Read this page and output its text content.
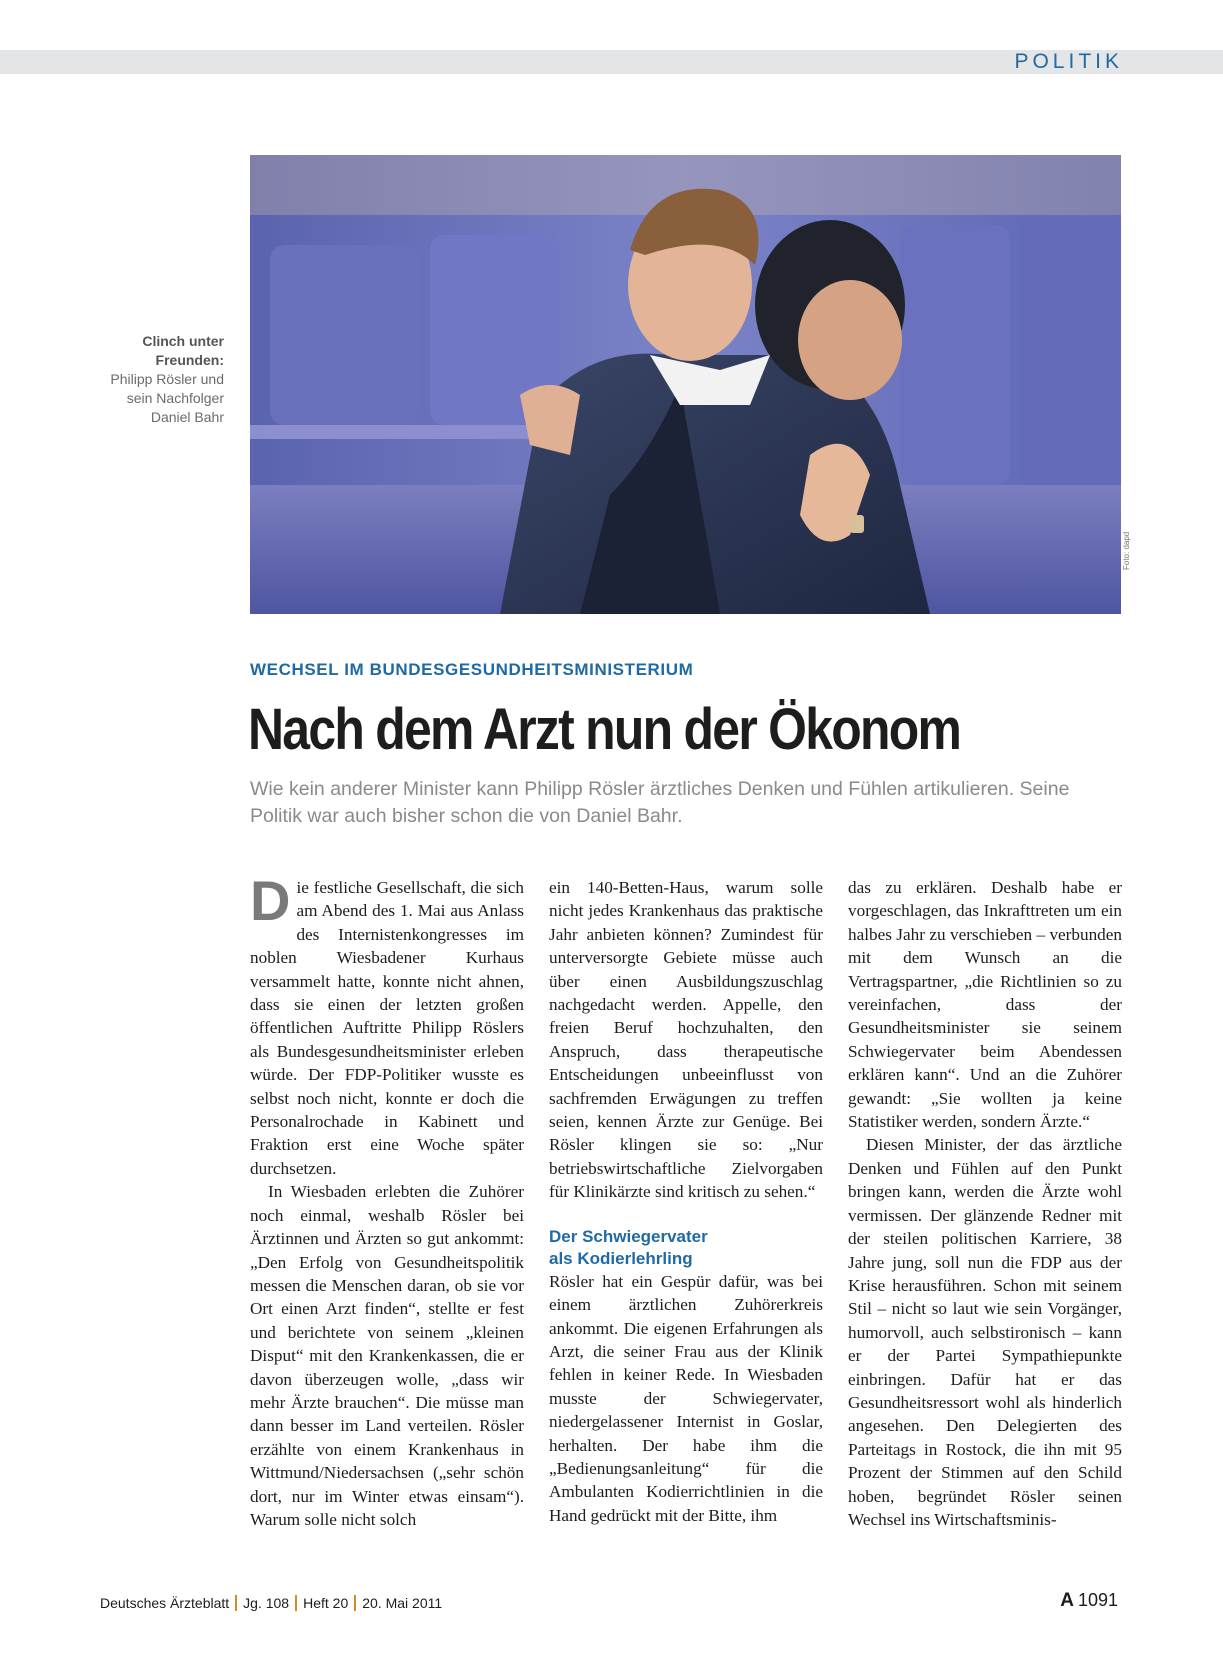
POLITIK
Clinch unter Freunden:
Philipp Rösler und sein Nachfolger Daniel Bahr
Foto: dapd
WECHSEL IM BUNDESGESUNDHEITSMINISTERIUM
Nach dem Arzt nun der Ökonom

Wie kein anderer Minister kann Philipp Rösler ärztliches Denken und Fühlen artikulieren. Seine Politik war auch bisher schon die von Daniel Bahr.

Die festliche Gesellschaft, die sich am Abend des 1. Mai aus Anlass des Internistenkongresses im noblen Wiesbadener Kurhaus versammelt hatte, konnte nicht ahnen, dass sie einen der letzten großen öffentlichen Auftritte Philipp Röslers als Bundesgesundheitsminister erleben würde. Der FDP-Politiker wusste es selbst noch nicht, konnte er doch die Personalrochade in Kabinett und Fraktion erst eine Woche später durchsetzen.

In Wiesbaden erlebten die Zuhörer noch einmal, weshalb Rösler bei Ärztinnen und Ärzten so gut ankommt: „Den Erfolg von Gesundheitspolitik messen die Menschen daran, ob sie vor Ort einen Arzt finden“, stellte er fest und berichtete von seinem „kleinen Disput“ mit den Krankenkassen, die er davon überzeugen wolle, „dass wir mehr Ärzte brauchen“. Die müsse man dann besser im Land verteilen. Rösler erzählte von einem Krankenhaus in Wittmund/Niedersachsen („sehr schön dort, nur im Winter etwas einsam“). Warum solle nicht solch

ein 140-Betten-Haus, warum solle nicht jedes Krankenhaus das praktische Jahr anbieten können? Zumindest für unterversorgte Gebiete müsse auch über einen Ausbildungszuschlag nachgedacht werden. Appelle, den freien Beruf hochzuhalten, den Anspruch, dass therapeutische Entscheidungen unbeeinflusst von sachfremden Erwägungen zu treffen seien, kennen Ärzte zur Genüge. Bei Rösler klingen sie so: „Nur betriebswirtschaftliche Zielvorgaben für Klinikärzte sind kritisch zu sehen.“

Der Schwiegervater
als Kodierlehrling

Rösler hat ein Gespür dafür, was bei einem ärztlichen Zuhörerkreis ankommt. Die eigenen Erfahrungen als Arzt, die seiner Frau aus der Klinik fehlen in keiner Rede. In Wiesbaden musste der Schwiegervater, niedergelassener Internist in Goslar, herhalten. Der habe ihm die „Bedienungsanleitung“ für die Ambulanten Kodierrichtlinien in die Hand gedrückt mit der Bitte, ihm

das zu erklären. Deshalb habe er vorgeschlagen, das Inkrafttreten um ein halbes Jahr zu verschieben – verbunden mit dem Wunsch an die Vertragspartner, „die Richtlinien so zu vereinfachen, dass der Gesundheitsminister sie seinem Schwiegervater beim Abendessen erklären kann“. Und an die Zuhörer gewandt: „Sie wollten ja keine Statistiker werden, sondern Ärzte.“

Diesen Minister, der das ärztliche Denken und Fühlen auf den Punkt bringen kann, werden die Ärzte wohl vermissen. Der glänzende Redner mit der steilen politischen Karriere, 38 Jahre jung, soll nun die FDP aus der Krise herausführen. Schon mit seinem Stil – nicht so laut wie sein Vorgänger, humorvoll, auch selbstironisch – kann er der Partei Sympathiepunkte einbringen. Dafür hat er das Gesundheitsressort wohl als hinderlich angesehen. Den Delegierten des Parteitags in Rostock, die ihn mit 95 Prozent der Stimmen auf den Schild hoben, begründet Rösler seinen Wechsel ins Wirtschaftsminis-

Deutsches Ärzteblatt Jg. 108 Heft 20 20. Mai 2011	A 1091
